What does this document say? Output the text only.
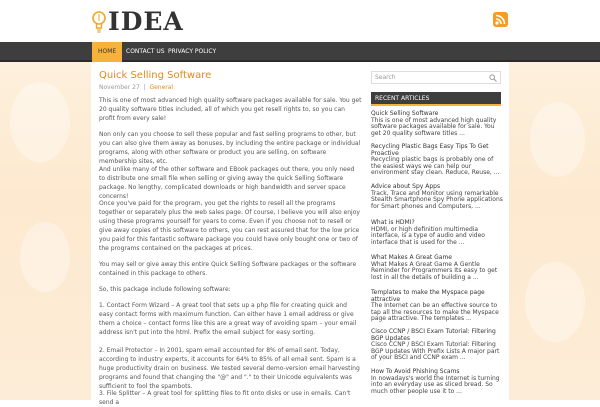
IDEA
HOME	CONTACT US PRIVACY POLICY
Quick Selling Software
November 27  |  General

This is one of most advanced high quality software packages available for sale. You get 20 quality software titles included, all of which you get resell rights to, so you can profit from every sale!

Non only can you choose to sell these popular and fast selling programs to other, but you can also give them away as bonuses, by including the entire package or individual programs, along with other software or product you are selling, on software membership sites, etc.

And unlike many of the other software and EBook packages out there, you only need to distribute one small file when selling or giving away the quick Selling Software package. No lengthy, complicated downloads or high bandwidth and server space concerns!

Once you've paid for the program, you get the rights to resell all the programs together or separately plus the web sales page. Of course, I believe you will also enjoy using these programs yourself for years to come. Even if you choose not to resell or give away copies of this software to others, you can rest assured that for the low price you paid for this fantastic software package you could have only bought one or two of the programs contained on the packages at prices.

You may sell or give away this entire Quick Selling Software packages or the software contained in this package to others.

So, this package include following software:

1. Contact Form Wizard – A great tool that sets up a php file for creating quick and easy contact forms with maximum function. Can either have 1 email address or give them a choice – contact forms like this are a great way of avoiding spam – your email address isn't put into the html. Prefix the email subject for easy sorting.

2. Email Protector – In 2001, spam email accounted for 8% of email sent. Today, according to industry experts, it accounts for 64% to 85% of all email sent. Spam is a huge productivity drain on business. We tested several demo-version email harvesting programs and found that changing the "@" and "." to their Unicode equivalents was sufficient to fool the spambots.

3. File Splitter – A great tool for splitting files to fit onto disks or use in emails. Can't send a

Search
RECENT ARTICLES
Quick Selling Software
This is one of most advanced high quality software packages available for sale. You get 20 quality software titles ...
Recycling Plastic Bags Easy Tips To Get Proactive
Recycling plastic bags is probably one of the easiest ways we can help our environment stay clean. Reduce, Reuse, ...
Advice about Spy Apps
Track, Trace and Monitor using remarkable Stealth Smartphone Spy Phone applications for Smart phones and Computers, ...
What is HDMI?
HDMI, or high definition multimedia interface, is a type of audio and video interface that is used for the ...
What Makes A Great Game
What Makes A Great Game A Gentle Reminder for Programmers Its easy to get lost in all the details of building a ...
Templates to make the Myspace page attractive
The Internet can be an effective source to tap all the resources to make the Myspace page attractive. The templates ...
Cisco CCNP / BSCI Exam Tutorial: Filtering BGP Updates
Cisco CCNP / BSCI Exam Tutorial: Filtering BGP Updates With Prefix Lists A major part of your BSCI and CCNP exam ...
How To Avoid Phishing Scams
In nowadays's world the Internet is turning into an everyday use as sliced bread. So much other people use it to ...
